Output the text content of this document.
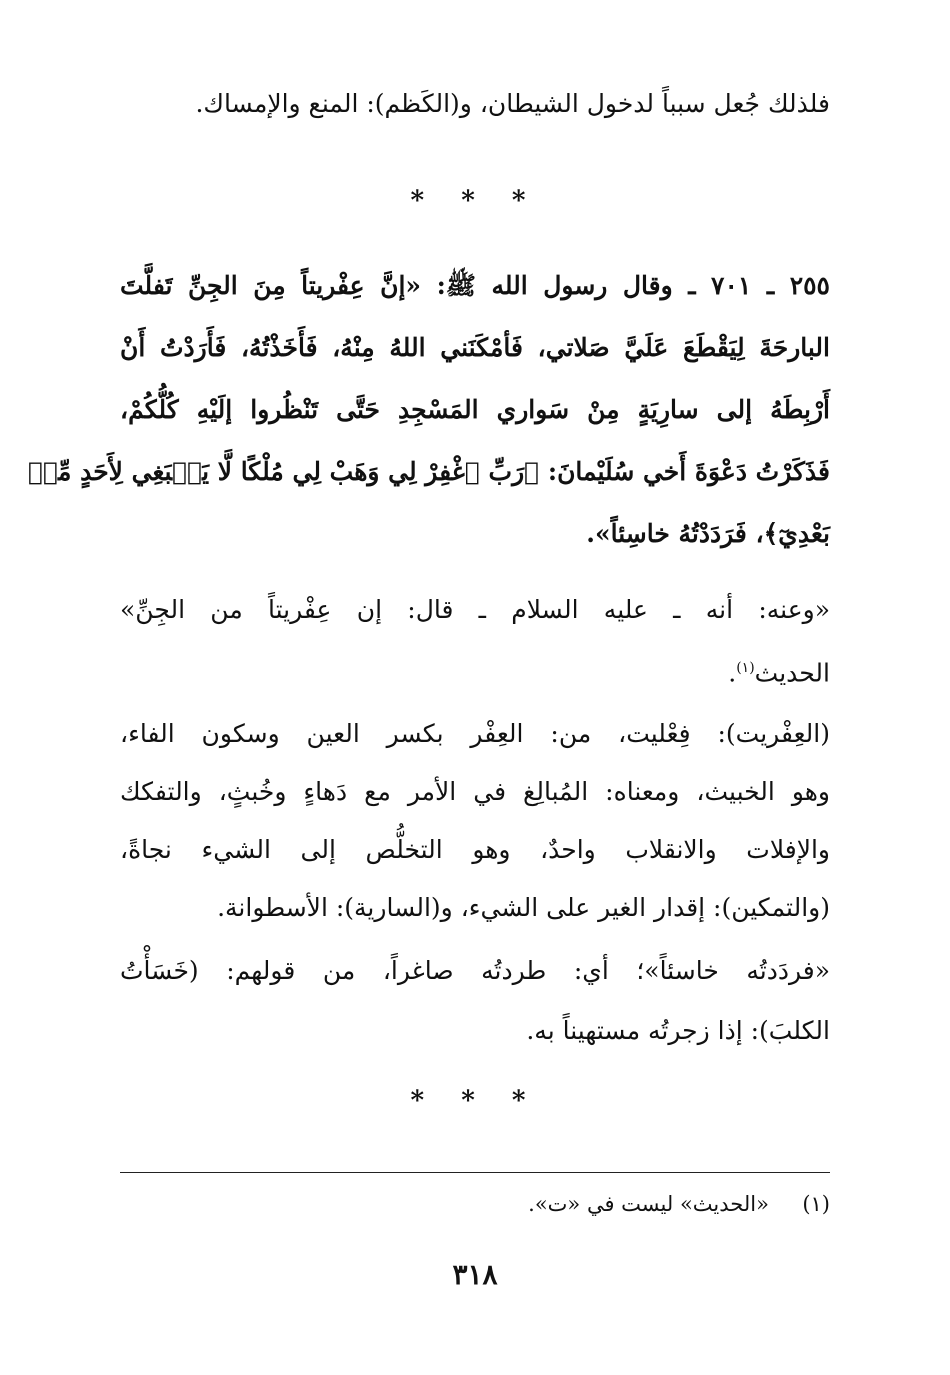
فلذلك جُعل سبباً لدخول الشيطان، و(الكَظم): المنع والإمساك.
* * *
٢٥٥ ـ ٧٠١ ـ وقال رسول الله ﷺ: «إنَّ عِفْريتاً مِنَ الجِنِّ تَفلَّتَ
البارحَةَ لِيَقْطَعَ عَلَيَّ صَلاتي، فَأمْكَنَني اللهُ مِنْهُ، فَأَخَذْتُهُ، فَأَرَدْتُ أَنْ
أَرْبِطَهُ إلى سارِيَةٍ مِنْ سَواري المَسْجِدِ حَتَّى تَنْظُروا إلَيْهِ كُلُّكُمْ،
فَذَكَرْتُ دَعْوَةَ أَخي سُلَيْمانَ: ﴿رَبِّ ٱغْفِرْ لِي وَهَبْ لِي مُلْكًا لَّا يَنۢبَغِي لِأَحَدٍ مِّنۢ
بَعْدِيٓ﴾، فَرَدَدْتُهُ خاسِئاً».
«وعنه: أنه ـ عليه السلام ـ قال: إن عِفْريتاً من الجِنِّ»
الحديث$^{(١)}$.
(العِفْريت): فِعْليت، من: العِفْر بكسر العين وسكون الفاء،
وهو الخبيث، ومعناه: المُبالِغ في الأمر مع دَهاءٍ وخُبثٍ، والتفكك
والإفلات والانقلاب واحدٌ، وهو التخلُّص إلى الشيء نجاةً،
(والتمكين): إقدار الغير على الشيء، و(السارية): الأسطوانة.
«فردَدتُه خاسئاً»؛ أي: طردتُه صاغراً، من قولهم: (خَسَأْتُ
الكلبَ): إذا زجرتُه مستهيناً به.
* * *
(١)     «الحديث» ليست في «ت».
٣١٨
